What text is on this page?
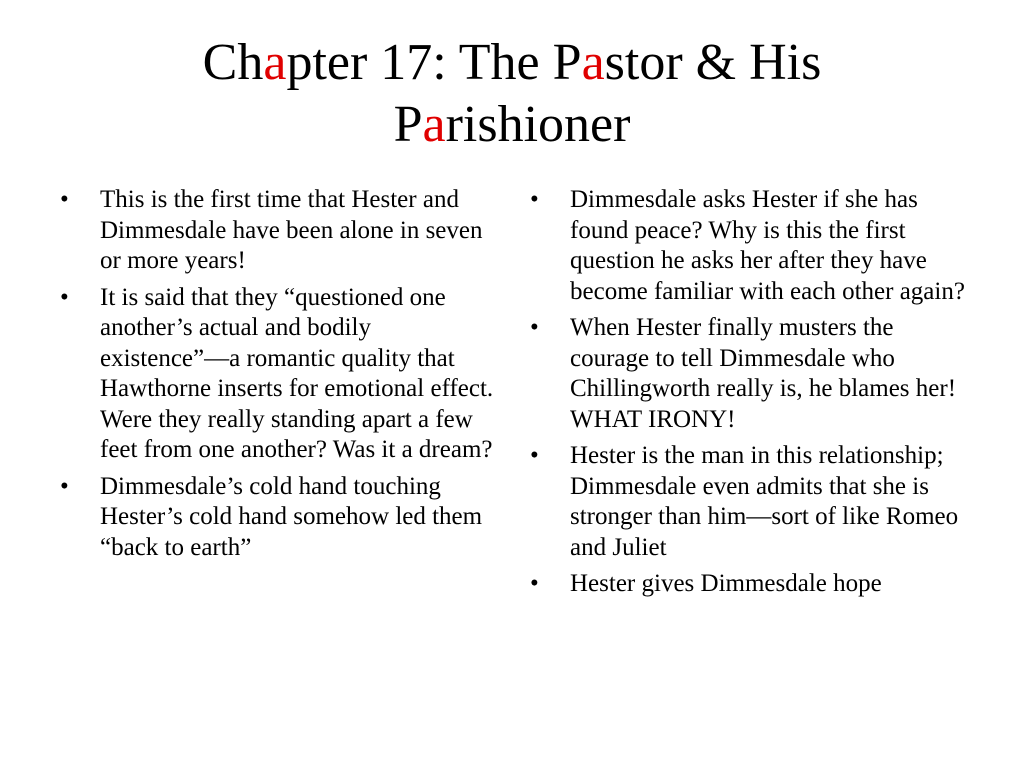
Chapter 17: The Pastor & His
Parishioner
• This is the first time that Hester and Dimmesdale have been alone in seven or more years!
• It is said that they “questioned one another’s actual and bodily existence”—a romantic quality that Hawthorne inserts for emotional effect. Were they really standing apart a few feet from one another? Was it a dream?
• Dimmesdale’s cold hand touching Hester’s cold hand somehow led them “back to earth”
• Dimmesdale asks Hester if she has found peace? Why is this the first question he asks her after they have become familiar with each other again?
• When Hester finally musters the courage to tell Dimmesdale who Chillingworth really is, he blames her! WHAT IRONY!
• Hester is the man in this relationship; Dimmesdale even admits that she is stronger than him—sort of like Romeo and Juliet
• Hester gives Dimmesdale hope
